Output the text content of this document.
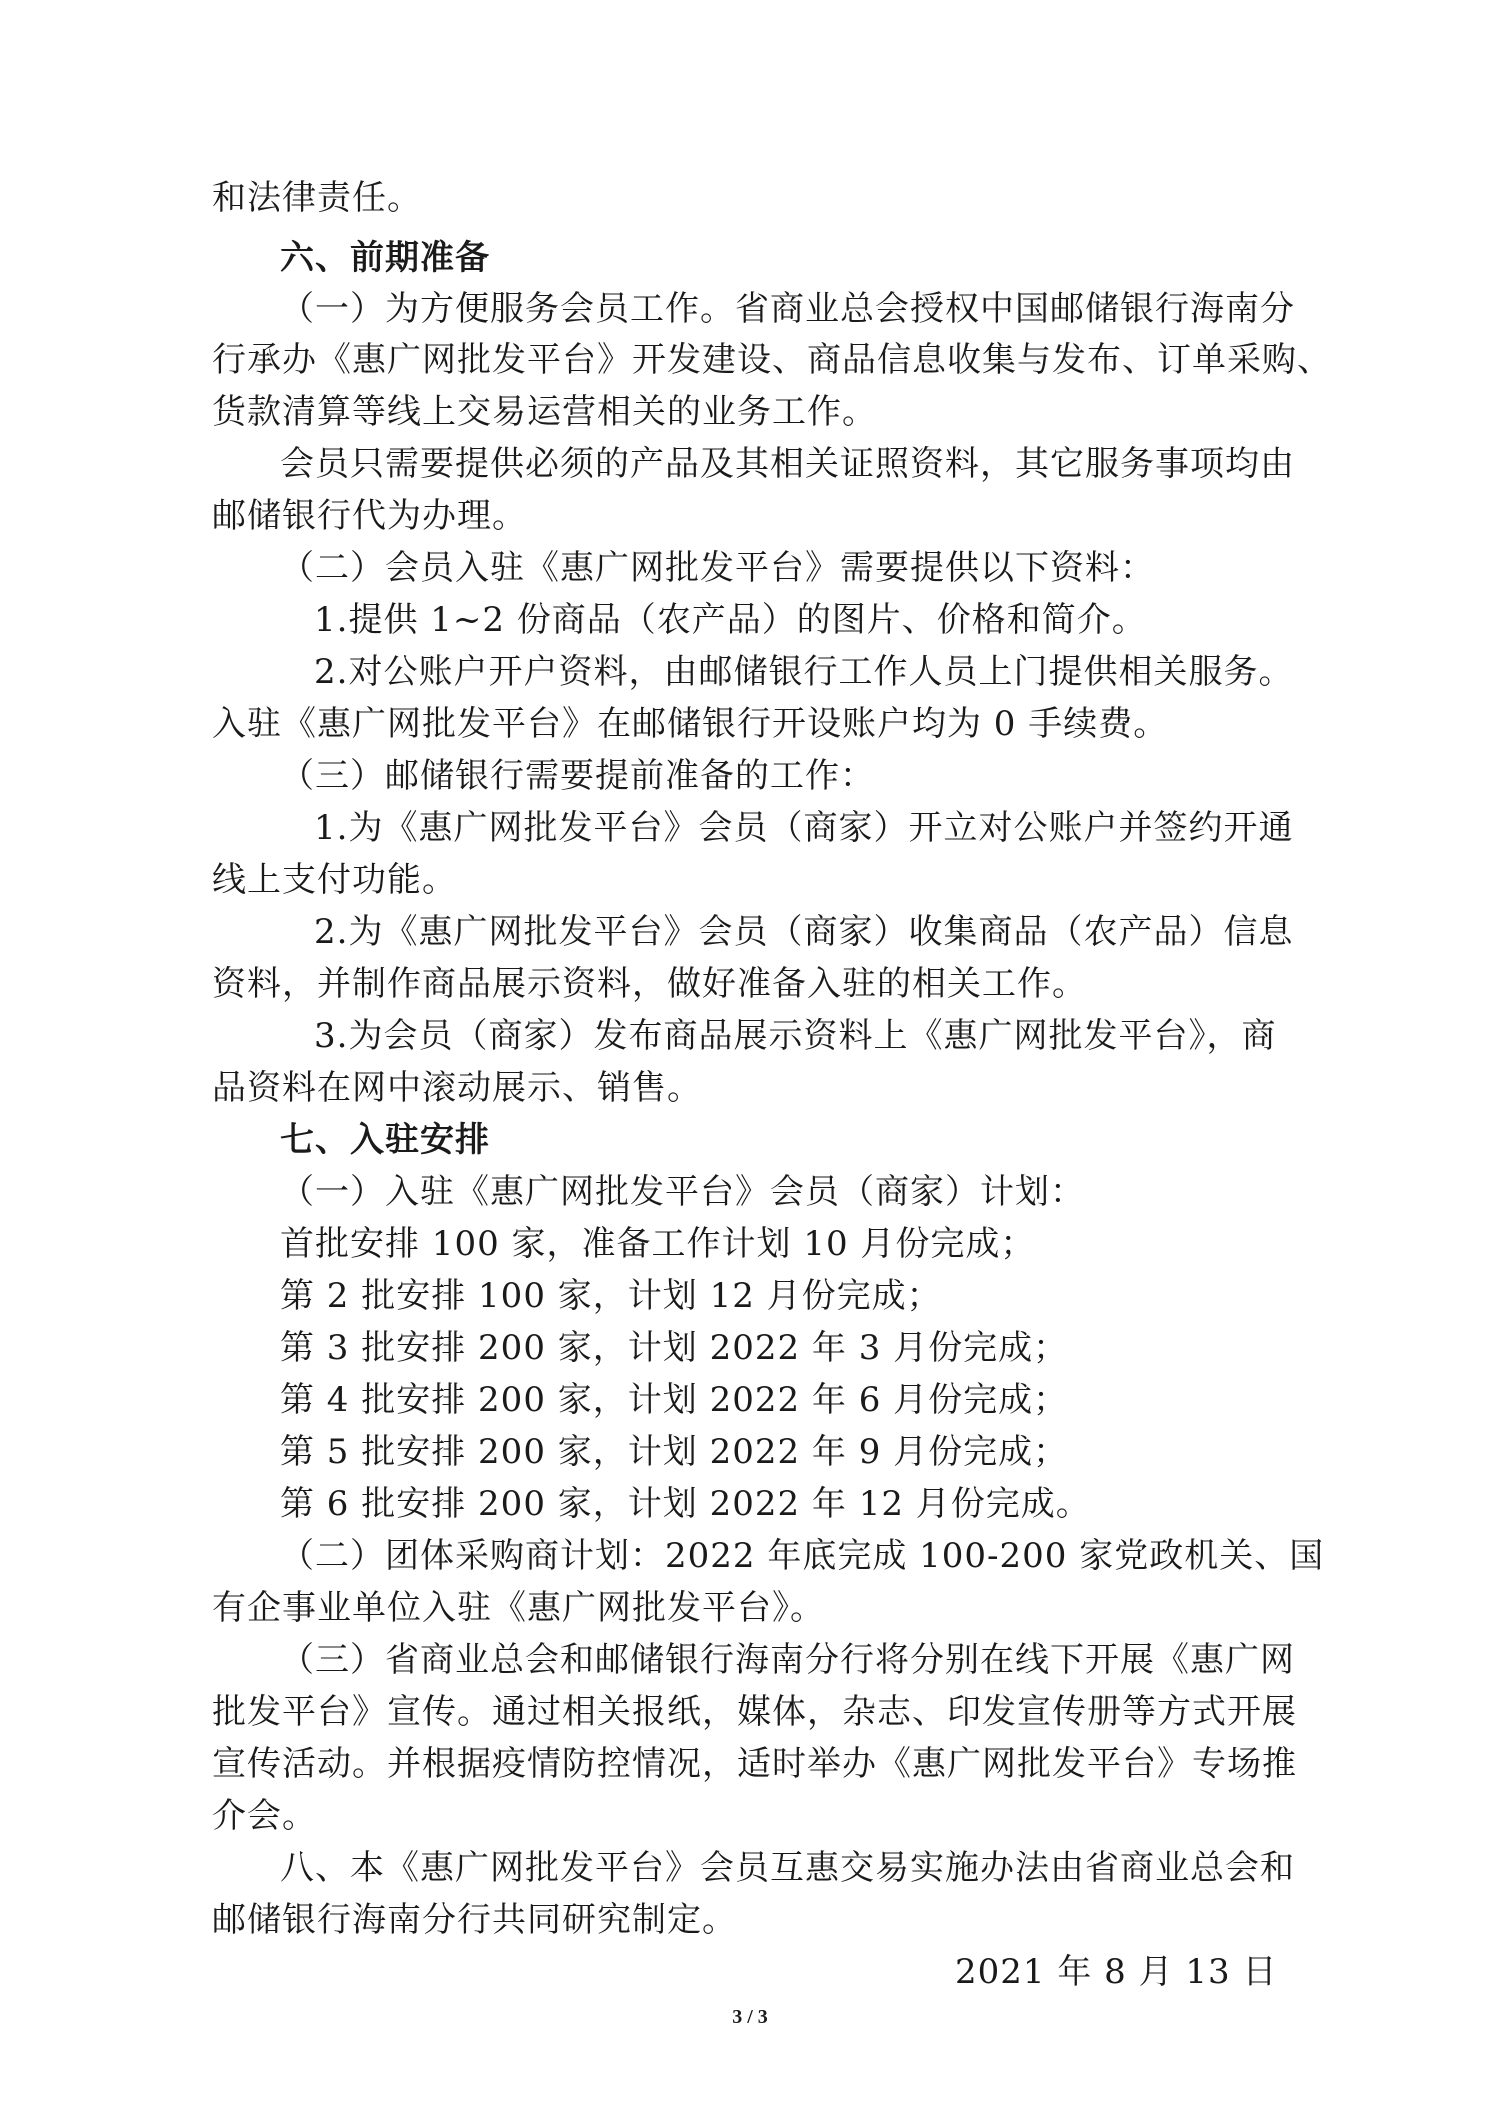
和法律责任。
六、前期准备
（一）为方便服务会员工作。省商业总会授权中国邮储银行海南分
行承办《惠广网批发平台》开发建设、商品信息收集与发布、订单采购、
货款清算等线上交易运营相关的业务工作。
会员只需要提供必须的产品及其相关证照资料，其它服务事项均由
邮储银行代为办理。
（二）会员入驻《惠广网批发平台》需要提供以下资料：
1.提供 1~2 份商品（农产品）的图片、价格和简介。
2.对公账户开户资料，由邮储银行工作人员上门提供相关服务。
入驻《惠广网批发平台》在邮储银行开设账户均为 0 手续费。
（三）邮储银行需要提前准备的工作：
1.为《惠广网批发平台》会员（商家）开立对公账户并签约开通
线上支付功能。
2.为《惠广网批发平台》会员（商家）收集商品（农产品）信息
资料，并制作商品展示资料，做好准备入驻的相关工作。
3.为会员（商家）发布商品展示资料上《惠广网批发平台》，商
品资料在网中滚动展示、销售。
七、入驻安排
（一）入驻《惠广网批发平台》会员（商家）计划：
首批安排 100 家，准备工作计划 10 月份完成；
第 2 批安排 100 家，计划 12 月份完成；
第 3 批安排 200 家，计划 2022 年 3 月份完成；
第 4 批安排 200 家，计划 2022 年 6 月份完成；
第 5 批安排 200 家，计划 2022 年 9 月份完成；
第 6 批安排 200 家，计划 2022 年 12 月份完成。
（二）团体采购商计划：2022 年底完成 100-200 家党政机关、国
有企事业单位入驻《惠广网批发平台》。
（三）省商业总会和邮储银行海南分行将分别在线下开展《惠广网
批发平台》宣传。通过相关报纸，媒体，杂志、印发宣传册等方式开展
宣传活动。并根据疫情防控情况，适时举办《惠广网批发平台》专场推
介会。
八、本《惠广网批发平台》会员互惠交易实施办法由省商业总会和
邮储银行海南分行共同研究制定。
2021 年 8 月 13 日
3 / 3
